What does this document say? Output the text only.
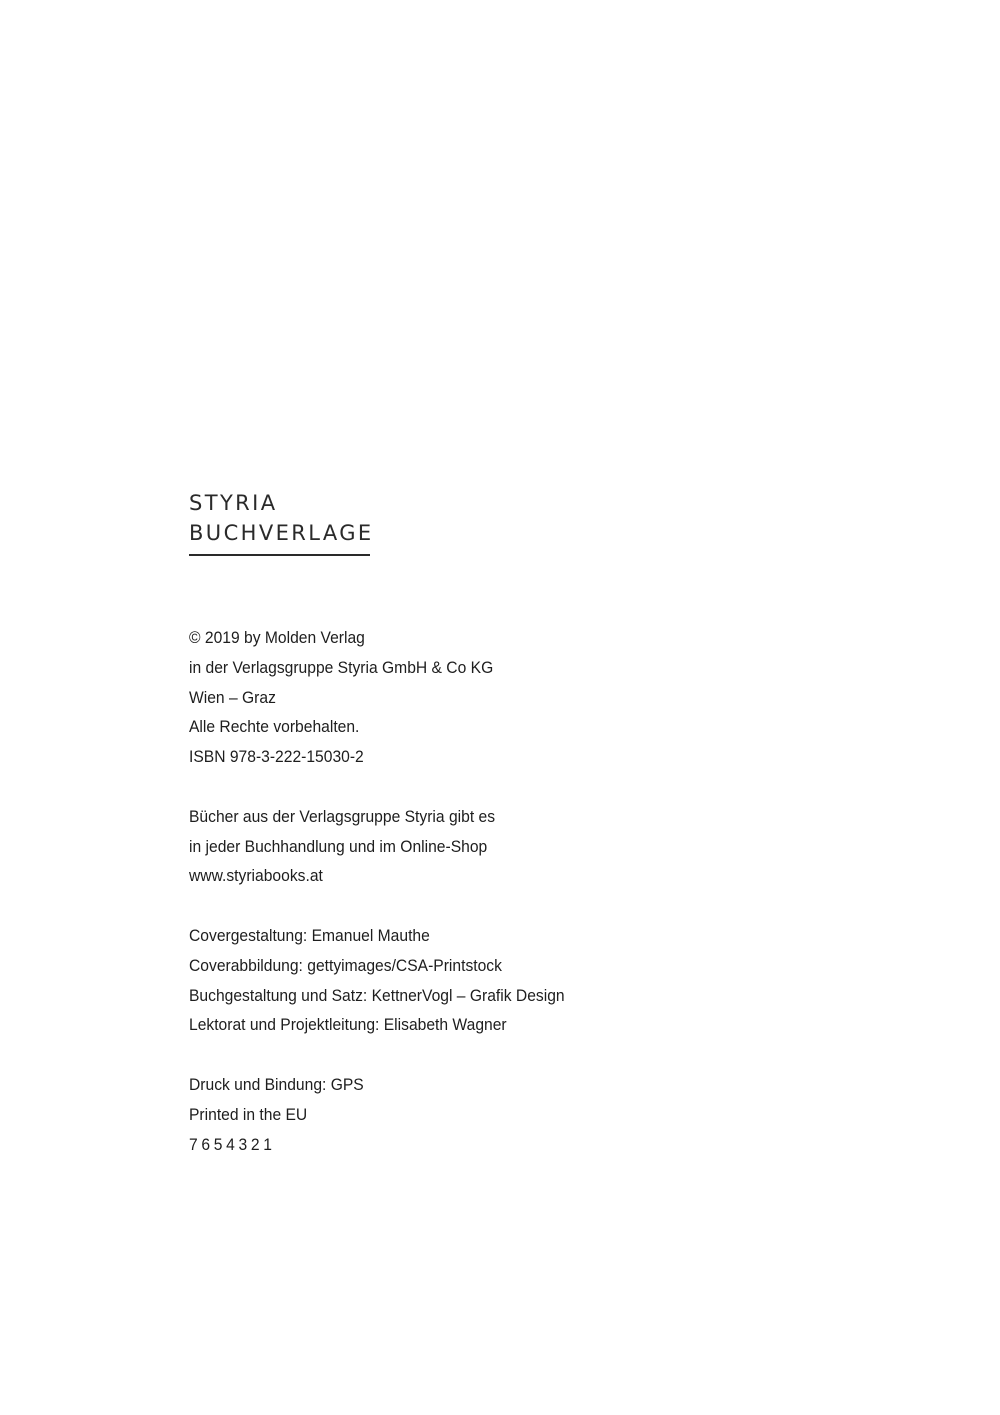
STYRIA
BUCHVERLAGE
© 2019 by Molden Verlag
in der Verlagsgruppe Styria GmbH & Co KG
Wien – Graz
Alle Rechte vorbehalten.
ISBN 978-3-222-15030-2
Bücher aus der Verlagsgruppe Styria gibt es
in jeder Buchhandlung und im Online-Shop
www.styriabooks.at
Covergestaltung: Emanuel Mauthe
Coverabbildung: gettyimages/CSA-Printstock
Buchgestaltung und Satz: KettnerVogl – Grafik Design
Lektorat und Projektleitung: Elisabeth Wagner
Druck und Bindung: GPS
Printed in the EU
7654321
